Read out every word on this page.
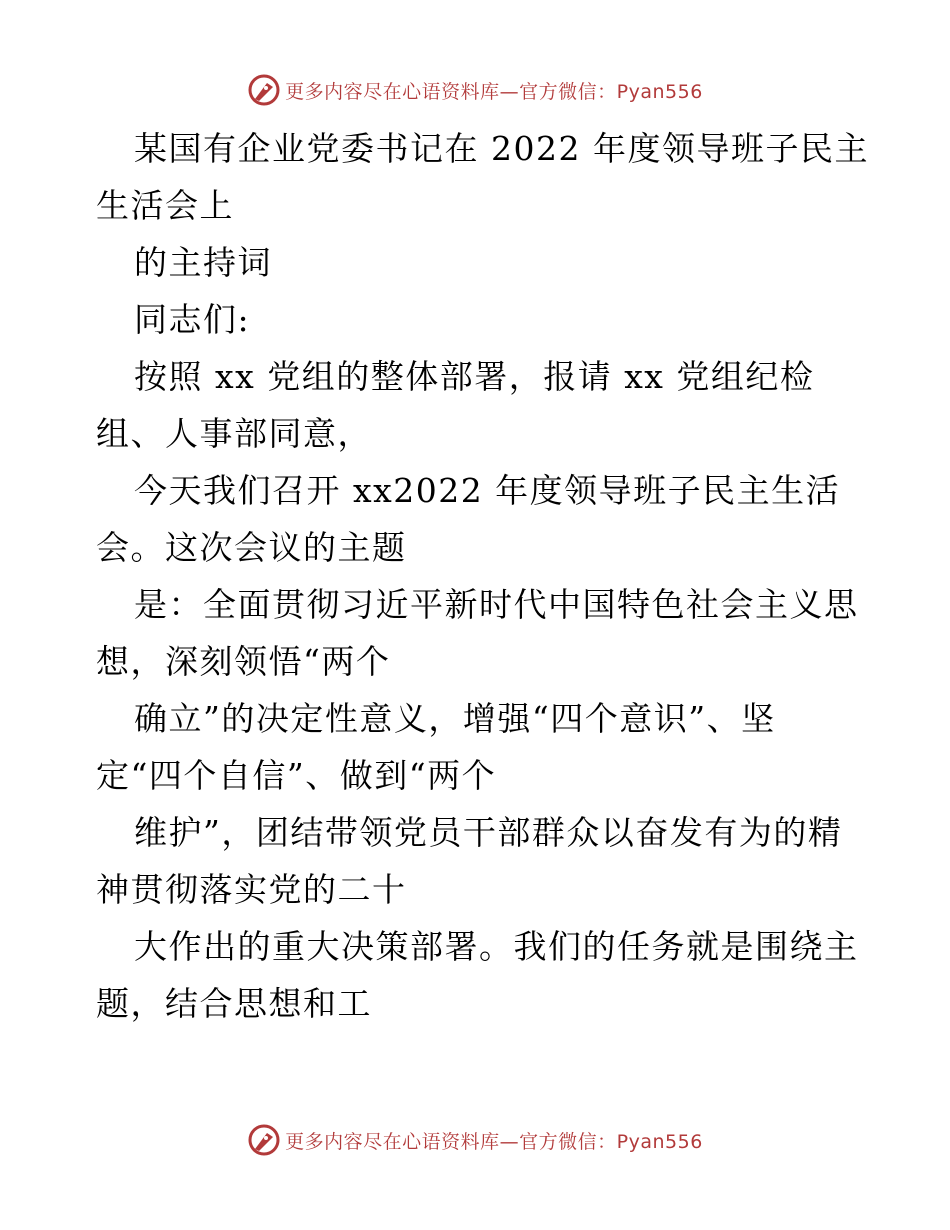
更多内容尽在心语资料库—官方微信：Pyan556
某国有企业党委书记在 2022 年度领导班子民主
生活会上
的主持词
同志们:
按照 xx 党组的整体部署，报请 xx 党组纪检
组、人事部同意，
今天我们召开 xx2022 年度领导班子民主生活
会。这次会议的主题
是：全面贯彻习近平新时代中国特色社会主义思
想，深刻领悟“两个
确立”的决定性意义，增强“四个意识”、坚
定“四个自信”、做到“两个
维护”，团结带领党员干部群众以奋发有为的精
神贯彻落实党的二十
大作出的重大决策部署。我们的任务就是围绕主
题，结合思想和工
更多内容尽在心语资料库—官方微信：Pyan556
